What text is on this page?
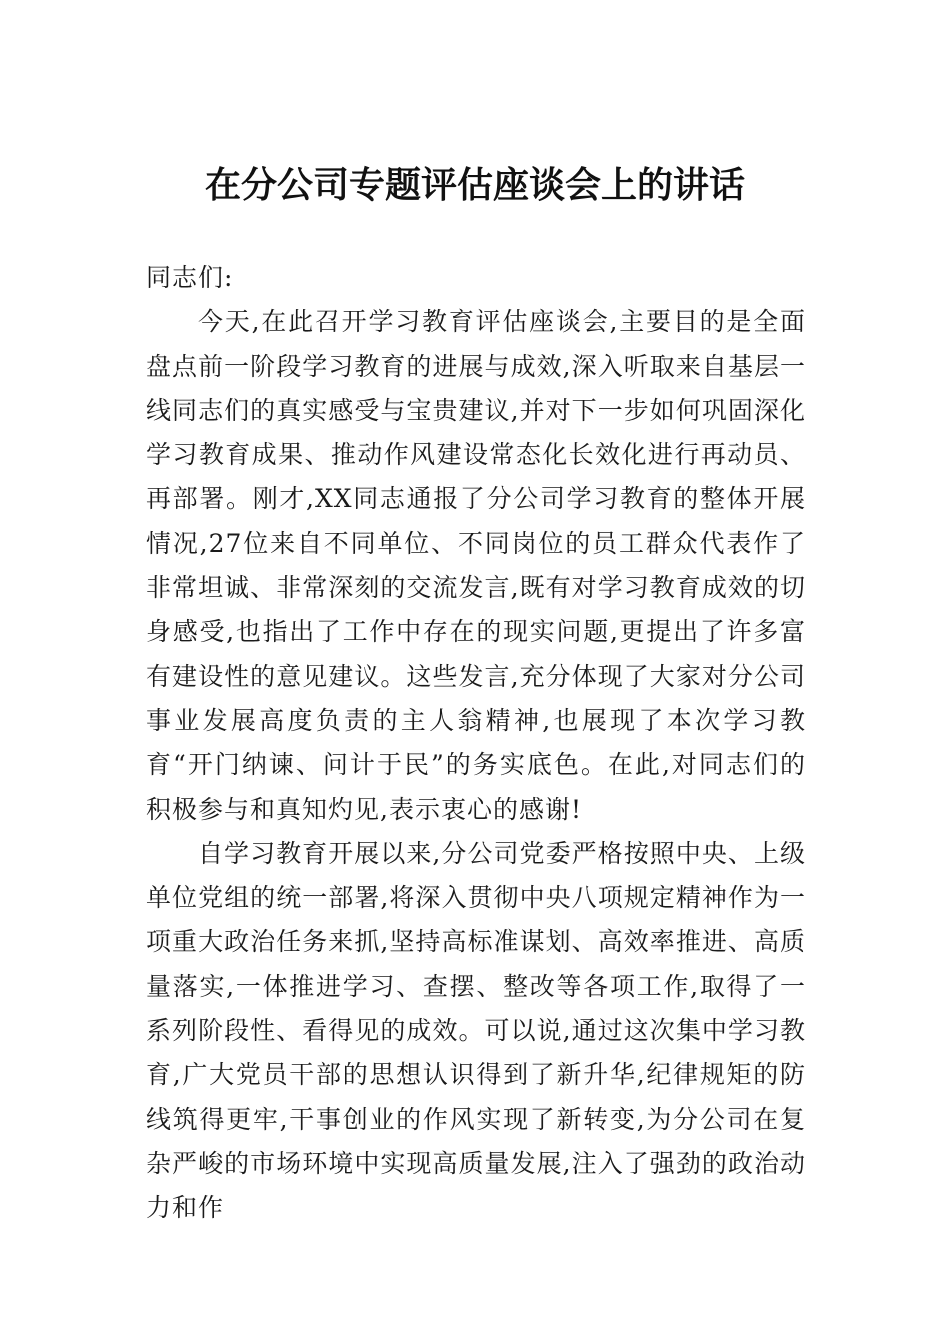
在分公司专题评估座谈会上的讲话

同志们:

今天,在此召开学习教育评估座谈会,主要目的是全面盘点前一阶段学习教育的进展与成效,深入听取来自基层一线同志们的真实感受与宝贵建议,并对下一步如何巩固深化学习教育成果、推动作风建设常态化长效化进行再动员、再部署。刚才,XX同志通报了分公司学习教育的整体开展情况,27位来自不同单位、不同岗位的员工群众代表作了非常坦诚、非常深刻的交流发言,既有对学习教育成效的切身感受,也指出了工作中存在的现实问题,更提出了许多富有建设性的意见建议。这些发言,充分体现了大家对分公司事业发展高度负责的主人翁精神,也展现了本次学习教育“开门纳谏、问计于民”的务实底色。在此,对同志们的积极参与和真知灼见,表示衷心的感谢!

自学习教育开展以来,分公司党委严格按照中央、上级单位党组的统一部署,将深入贯彻中央八项规定精神作为一项重大政治任务来抓,坚持高标准谋划、高效率推进、高质量落实,一体推进学习、查摆、整改等各项工作,取得了一系列阶段性、看得见的成效。可以说,通过这次集中学习教育,广大党员干部的思想认识得到了新升华,纪律规矩的防线筑得更牢,干事创业的作风实现了新转变,为分公司在复杂严峻的市场环境中实现高质量发展,注入了强劲的政治动力和作
